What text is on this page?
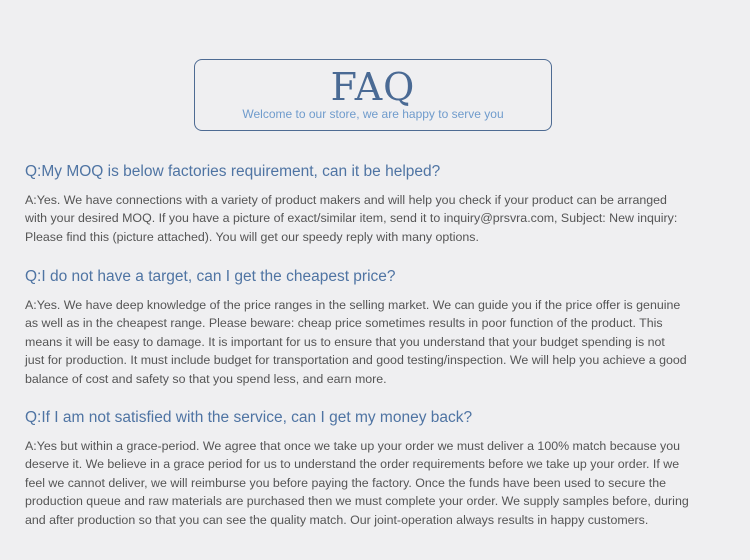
FAQ
Welcome to our store, we are happy to serve you
Q:My MOQ is below factories requirement, can it be helped?
A:Yes. We have connections with a variety of product makers and will help you check if your product can be arranged
with your desired MOQ. If you have a picture of exact/similar item, send it to inquiry@prsvra.com, Subject: New inquiry:
Please find this (picture attached). You will get our speedy reply with many options.
Q:I do not have a target, can I get the cheapest price?
A:Yes. We have deep knowledge of the price ranges in the selling market. We can guide you if the price offer is genuine
as well as in the cheapest range. Please beware: cheap price sometimes results in poor function of the product. This
means it will be easy to damage. It is important for us to ensure that you understand that your budget spending is not
just for production. It must include budget for transportation and good testing/inspection. We will help you achieve a good
balance of cost and safety so that you spend less, and earn more.
Q:If I am not satisfied with the service, can I get my money back?
A:Yes but within a grace-period. We agree that once we take up your order we must deliver a 100% match because you
deserve it. We believe in a grace period for us to understand the order requirements before we take up your order. If we
feel we cannot deliver, we will reimburse you before paying the factory. Once the funds have been used to secure the
production queue and raw materials are purchased then we must complete your order. We supply samples before, during
and after production so that you can see the quality match. Our joint-operation always results in happy customers.
